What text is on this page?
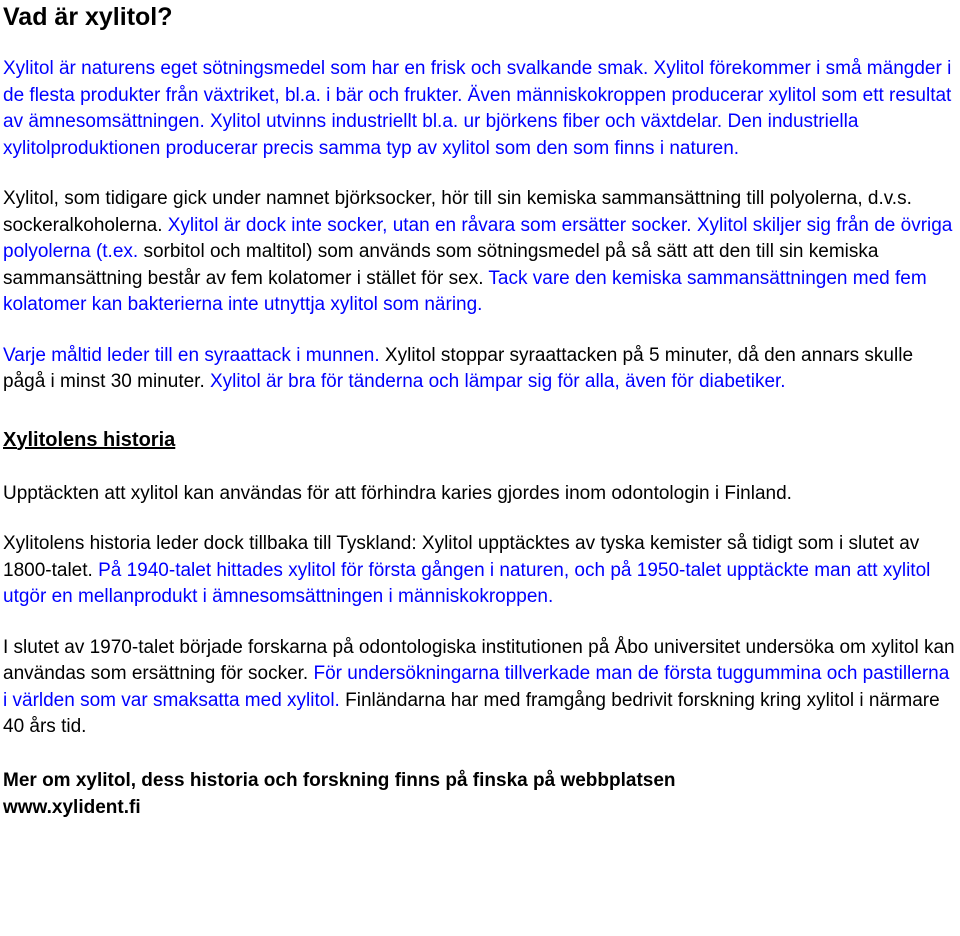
Vad är xylitol?

Xylitol är naturens eget sötningsmedel som har en frisk och svalkande smak. Xylitol förekommer i små mängder i de flesta produkter från växtriket, bl.a. i bär och frukter. Även människokroppen producerar xylitol som ett resultat av ämnesomsättningen. Xylitol utvinns industriellt bl.a. ur björkens fiber och växtdelar. Den industriella xylitolproduktionen producerar precis samma typ av xylitol som den som finns i naturen.

Xylitol, som tidigare gick under namnet björksocker, hör till sin kemiska sammansättning till polyolerna, d.v.s. sockeralkoholerna. Xylitol är dock inte socker, utan en råvara som ersätter socker. Xylitol skiljer sig från de övriga polyolerna (t.ex. sorbitol och maltitol) som används som sötningsmedel på så sätt att den till sin kemiska sammansättning består av fem kolatomer i stället för sex. Tack vare den kemiska sammansättningen med fem kolatomer kan bakterierna inte utnyttja xylitol som näring.

Varje måltid leder till en syraattack i munnen. Xylitol stoppar syraattacken på 5 minuter, då den annars skulle pågå i minst 30 minuter. Xylitol är bra för tänderna och lämpar sig för alla, även för diabetiker.

Xylitolens historia

Upptäckten att xylitol kan användas för att förhindra karies gjordes inom odontologin i Finland.

Xylitolens historia leder dock tillbaka till Tyskland: Xylitol upptäcktes av tyska kemister så tidigt som i slutet av 1800-talet. På 1940-talet hittades xylitol för första gången i naturen, och på 1950-talet upptäckte man att xylitol utgör en mellanprodukt i ämnesomsättningen i människokroppen.

I slutet av 1970-talet började forskarna på odontologiska institutionen på Åbo universitet undersöka om xylitol kan användas som ersättning för socker. För undersökningarna tillverkade man de första tuggummina och pastillerna i världen som var smaksatta med xylitol. Finländarna har med framgång bedrivit forskning kring xylitol i närmare 40 års tid.

Mer om xylitol, dess historia och forskning finns på finska på webbplatsen
www.xylident.fi
